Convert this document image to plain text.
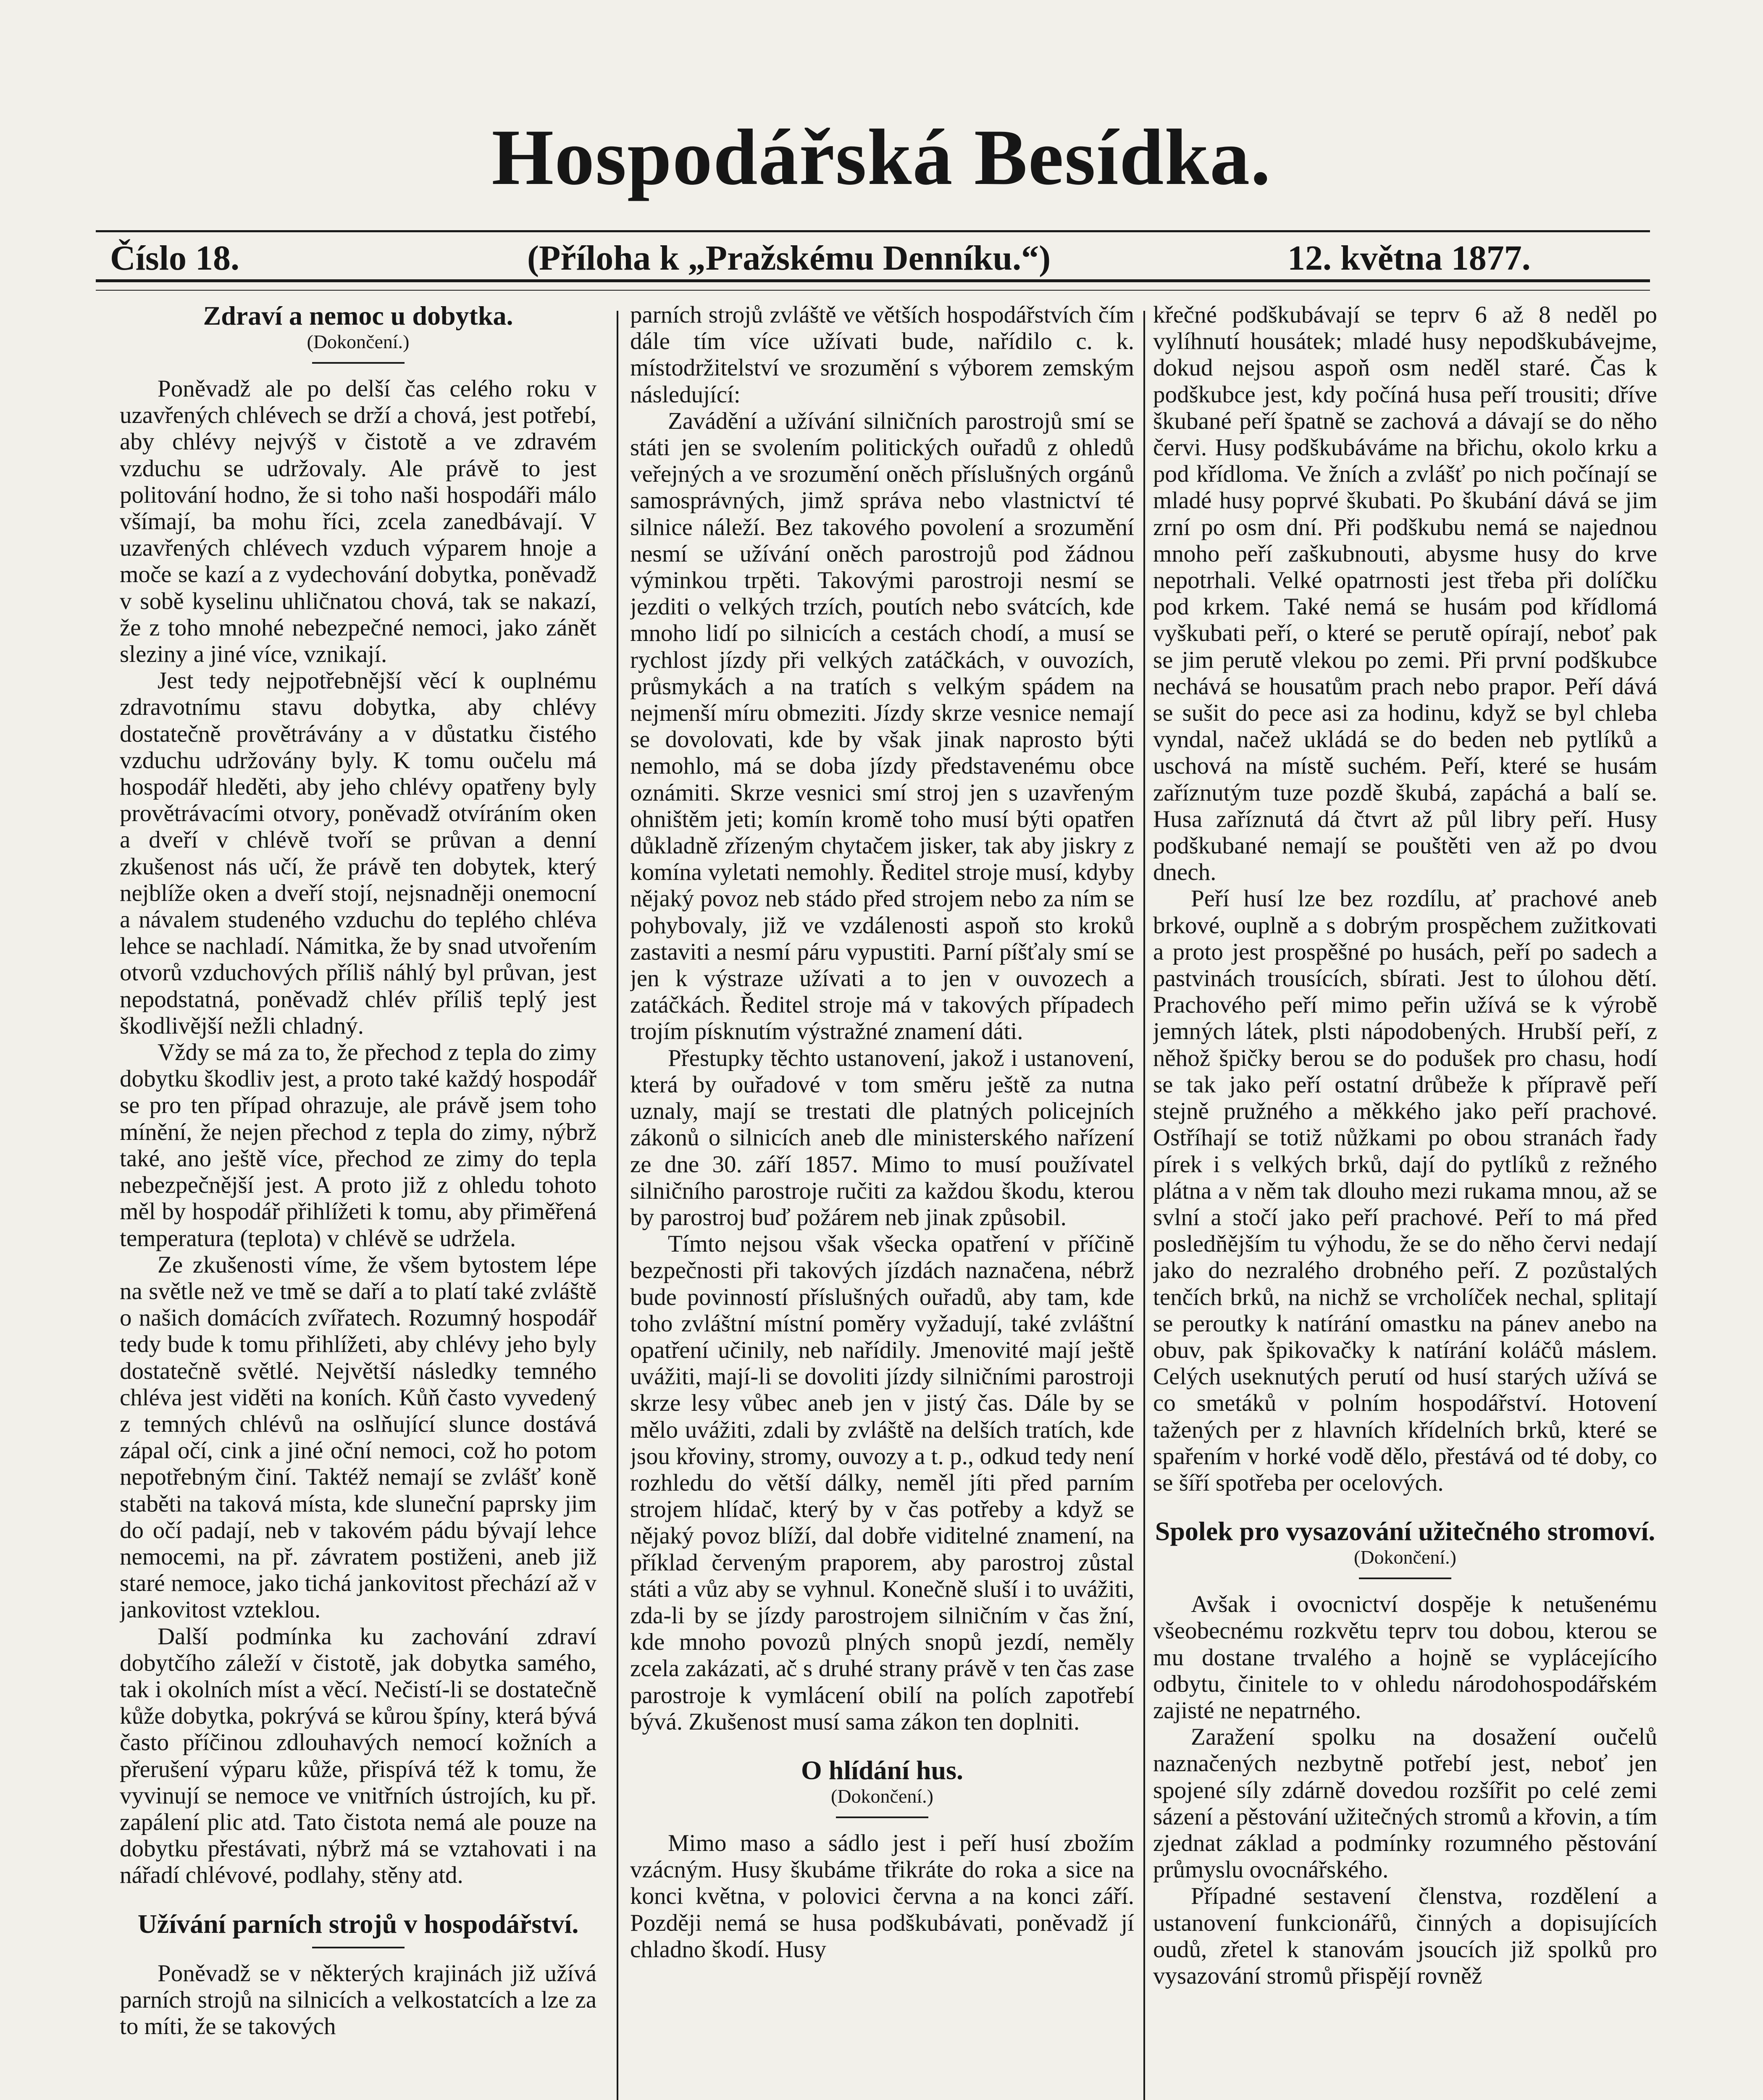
Hospodářská Besídka.
Číslo 18.	(Příloha k „Pražskému Denníku.“)	12. května 1877.
Zdraví a nemoc u dobytka.
(Dokončení.)

Poněvadž ale po delší čas celého roku v uzavřených chlévech se drží a chová, jest potřebí, aby chlévy nejvýš v čistotě a ve zdravém vzduchu se udržovaly. Ale právě to jest politování hodno, že si toho naši hospodáři málo všímají, ba mohu říci, zcela zanedbávají. V uzavřených chlévech vzduch výparem hnoje a moče se kazí a z vydechování dobytka, poněvadž v sobě kyselinu uhličnatou chová, tak se nakazí, že z toho mnohé nebezpečné nemoci, jako zánět sleziny a jiné více, vznikají.

Jest tedy nejpotřebnější věcí k ouplnému zdravotnímu stavu dobytka, aby chlévy dostatečně provětrávány a v důstatku čistého vzduchu udržovány byly. K tomu oučelu má hospodář hleděti, aby jeho chlévy opatřeny byly provětrávacími otvory, poněvadž otvíráním oken a dveří v chlévě tvoří se průvan a denní zkušenost nás učí, že právě ten dobytek, který nejblíže oken a dveří stojí, nejsnadněji onemocní a návalem studeného vzduchu do teplého chléva lehce se nachladí. Námitka, že by snad utvořením otvorů vzduchových příliš náhlý byl průvan, jest nepodstatná, poněvadž chlév příliš teplý jest škodlivější nežli chladný.

Vždy se má za to, že přechod z tepla do zimy dobytku škodliv jest, a proto také každý hospodář se pro ten případ ohrazuje, ale právě jsem toho mínění, že nejen přechod z tepla do zimy, nýbrž také, ano ještě více, přechod ze zimy do tepla nebezpečnější jest. A proto již z ohledu tohoto měl by hospodář přihlížeti k tomu, aby přiměřená temperatura (teplota) v chlévě se udržela.

Ze zkušenosti víme, že všem bytostem lépe na světle než ve tmě se daří a to platí také zvláště o našich domácích zvířatech. Rozumný hospodář tedy bude k tomu přihlížeti, aby chlévy jeho byly dostatečně světlé. Největší následky temného chléva jest viděti na koních. Kůň často vyvedený z temných chlévů na oslňující slunce dostává zápal očí, cink a jiné oční nemoci, což ho potom nepotřebným činí. Taktéž nemají se zvlášť koně staběti na taková místa, kde sluneční paprsky jim do očí padají, neb v takovém pádu bývají lehce nemocemi, na př. závratem postiženi, aneb již staré nemoce, jako tichá jankovitost přechází až v jankovitost vzteklou.

Další podmínka ku zachování zdraví dobytčího záleží v čistotě, jak dobytka samého, tak i okolních míst a věcí. Nečistí-li se dostatečně kůže dobytka, pokrývá se kůrou špíny, která bývá často příčinou zdlouhavých nemocí kožních a přerušení výparu kůže, přispívá též k tomu, že vyvinují se nemoce ve vnitřních ústrojích, ku př. zapálení plic atd. Tato čistota nemá ale pouze na dobytku přestávati, nýbrž má se vztahovati i na nářadí chlévové, podlahy, stěny atd.

Užívání parních strojů v hospodářství.

Poněvadž se v některých krajinách již užívá parních strojů na silnicích a velkostatcích a lze za to míti, že se takových

parních strojů zvláště ve větších hospodářstvích čím dále tím více užívati bude, nařídilo c. k. místodržitelství ve srozumění s výborem zemským následující:

Zavádění a užívání silničních parostrojů smí se státi jen se svolením politických ouřadů z ohledů veřejných a ve srozumění oněch příslušných orgánů samosprávných, jimž správa nebo vlastnictví té silnice náleží. Bez takového povolení a srozumění nesmí se užívání oněch parostrojů pod žádnou výminkou trpěti. Takovými parostroji nesmí se jezditi o velkých trzích, poutích nebo svátcích, kde mnoho lidí po silnicích a cestách chodí, a musí se rychlost jízdy při velkých zatáčkách, v ouvozích, průsmykách a na tratích s velkým spádem na nejmenší míru obmeziti. Jízdy skrze vesnice nemají se dovolovati, kde by však jinak naprosto býti nemohlo, má se doba jízdy představenému obce oznámiti. Skrze vesnici smí stroj jen s uzavřeným ohništěm jeti; komín kromě toho musí býti opatřen důkladně zřízeným chytačem jisker, tak aby jiskry z komína vyletati nemohly. Ředitel stroje musí, kdyby nějaký povoz neb stádo před strojem nebo za ním se pohybovaly, již ve vzdálenosti aspoň sto kroků zastaviti a nesmí páru vypustiti. Parní píšťaly smí se jen k výstraze užívati a to jen v ouvozech a zatáčkách. Ředitel stroje má v takových případech trojím písknutím výstražné znamení dáti.

Přestupky těchto ustanovení, jakož i ustanovení, která by ouřadové v tom směru ještě za nutna uznaly, mají se trestati dle platných policejních zákonů o silnicích aneb dle ministerského nařízení ze dne 30. září 1857. Mimo to musí používatel silničního parostroje ručiti za každou škodu, kterou by parostroj buď požárem neb jinak způsobil.

Tímto nejsou však všecka opatření v příčině bezpečnosti při takových jízdách naznačena, nébrž bude povinností příslušných ouřadů, aby tam, kde toho zvláštní místní poměry vyžadují, také zvláštní opatření učinily, neb nařídily. Jmenovité mají ještě uvážiti, mají-li se dovoliti jízdy silničními parostroji skrze lesy vůbec aneb jen v jistý čas. Dále by se mělo uvážiti, zdali by zvláště na delších tratích, kde jsou křoviny, stromy, ouvozy a t. p., odkud tedy není rozhledu do větší dálky, neměl jíti před parním strojem hlídač, který by v čas potřeby a když se nějaký povoz blíží, dal dobře viditelné znamení, na příklad červeným praporem, aby parostroj zůstal státi a vůz aby se vyhnul. Konečně sluší i to uvážiti, zda-li by se jízdy parostrojem silničním v čas žní, kde mnoho povozů plných snopů jezdí, neměly zcela zakázati, ač s druhé strany právě v ten čas zase parostroje k vymlácení obilí na polích zapotřebí bývá. Zkušenost musí sama zákon ten doplniti.

O hlídání hus.
(Dokončení.)

Mimo maso a sádlo jest i peří husí zbožím vzácným. Husy škubáme třikráte do roka a sice na konci května, v polovici června a na konci září. Později nemá se husa podškubávati, poněvadž jí chladno škodí. Husy

křečné podškubávají se teprv 6 až 8 neděl po vylíhnutí housátek; mladé husy nepodškubávejme, dokud nejsou aspoň osm neděl staré. Čas k podškubce jest, kdy počíná husa peří trousiti; dříve škubané peří špatně se zachová a dávají se do něho červi. Husy podškubáváme na břichu, okolo krku a pod křídloma. Ve žních a zvlášť po nich počínají se mladé husy poprvé škubati. Po škubání dává se jim zrní po osm dní. Při podškubu nemá se najednou mnoho peří zaškubnouti, abysme husy do krve nepotrhali. Velké opatrnosti jest třeba při dolíčku pod krkem. Také nemá se husám pod křídlomá vyškubati peří, o které se perutě opírají, neboť pak se jim perutě vlekou po zemi. Při první podškubce nechává se housatům prach nebo prapor. Peří dává se sušit do pece asi za hodinu, když se byl chleba vyndal, načež ukládá se do beden neb pytlíků a uschová na místě suchém. Peří, které se husám zaříznutým tuze pozdě škubá, zapáchá a balí se. Husa zaříznutá dá čtvrt až půl libry peří. Husy podškubané nemají se pouštěti ven až po dvou dnech.

Peří husí lze bez rozdílu, ať prachové aneb brkové, ouplně a s dobrým prospěchem zužitkovati a proto jest prospěšné po husách, peří po sadech a pastvinách trousících, sbírati. Jest to úlohou dětí. Prachového peří mimo peřin užívá se k výrobě jemných látek, plsti nápodobených. Hrubší peří, z něhož špičky berou se do podušek pro chasu, hodí se tak jako peří ostatní drůbeže k přípravě peří stejně pružného a měkkého jako peří prachové. Ostříhají se totiž nůžkami po obou stranách řady pírek i s velkých brků, dají do pytlíků z režného plátna a v něm tak dlouho mezi rukama mnou, až se svlní a stočí jako peří prachové. Peří to má před posledňějším tu výhodu, že se do něho červi nedají jako do nezralého drobného peří. Z pozůstalých tenčích brků, na nichž se vrcholíček nechal, splitají se peroutky k natírání omastku na pánev anebo na obuv, pak špikovačky k natírání koláčů máslem. Celých useknutých perutí od husí starých užívá se co smetáků v polním hospodářství. Hotovení tažených per z hlavních křídelních brků, které se spařením v horké vodě dělo, přestává od té doby, co se šíří spotřeba per ocelových.

Spolek pro vysazování užitečného stromoví.
(Dokončení.)

Avšak i ovocnictví dospěje k netušenému všeobecnému rozkvětu teprv tou dobou, kterou se mu dostane trvalého a hojně se vyplácejícího odbytu, činitele to v ohledu národohospodářském zajisté ne nepatrného.

Zaražení spolku na dosažení oučelů naznačených nezbytně potřebí jest, neboť jen spojené síly zdárně dovedou rozšířit po celé zemi sázení a pěstování užitečných stromů a křovin, a tím zjednat základ a podmínky rozumného pěstování průmyslu ovocnářského.

Případné sestavení členstva, rozdělení a ustanovení funkcionářů, činných a dopisujících oudů, zřetel k stanovám jsoucích již spolků pro vysazování stromů přispějí rovněž
